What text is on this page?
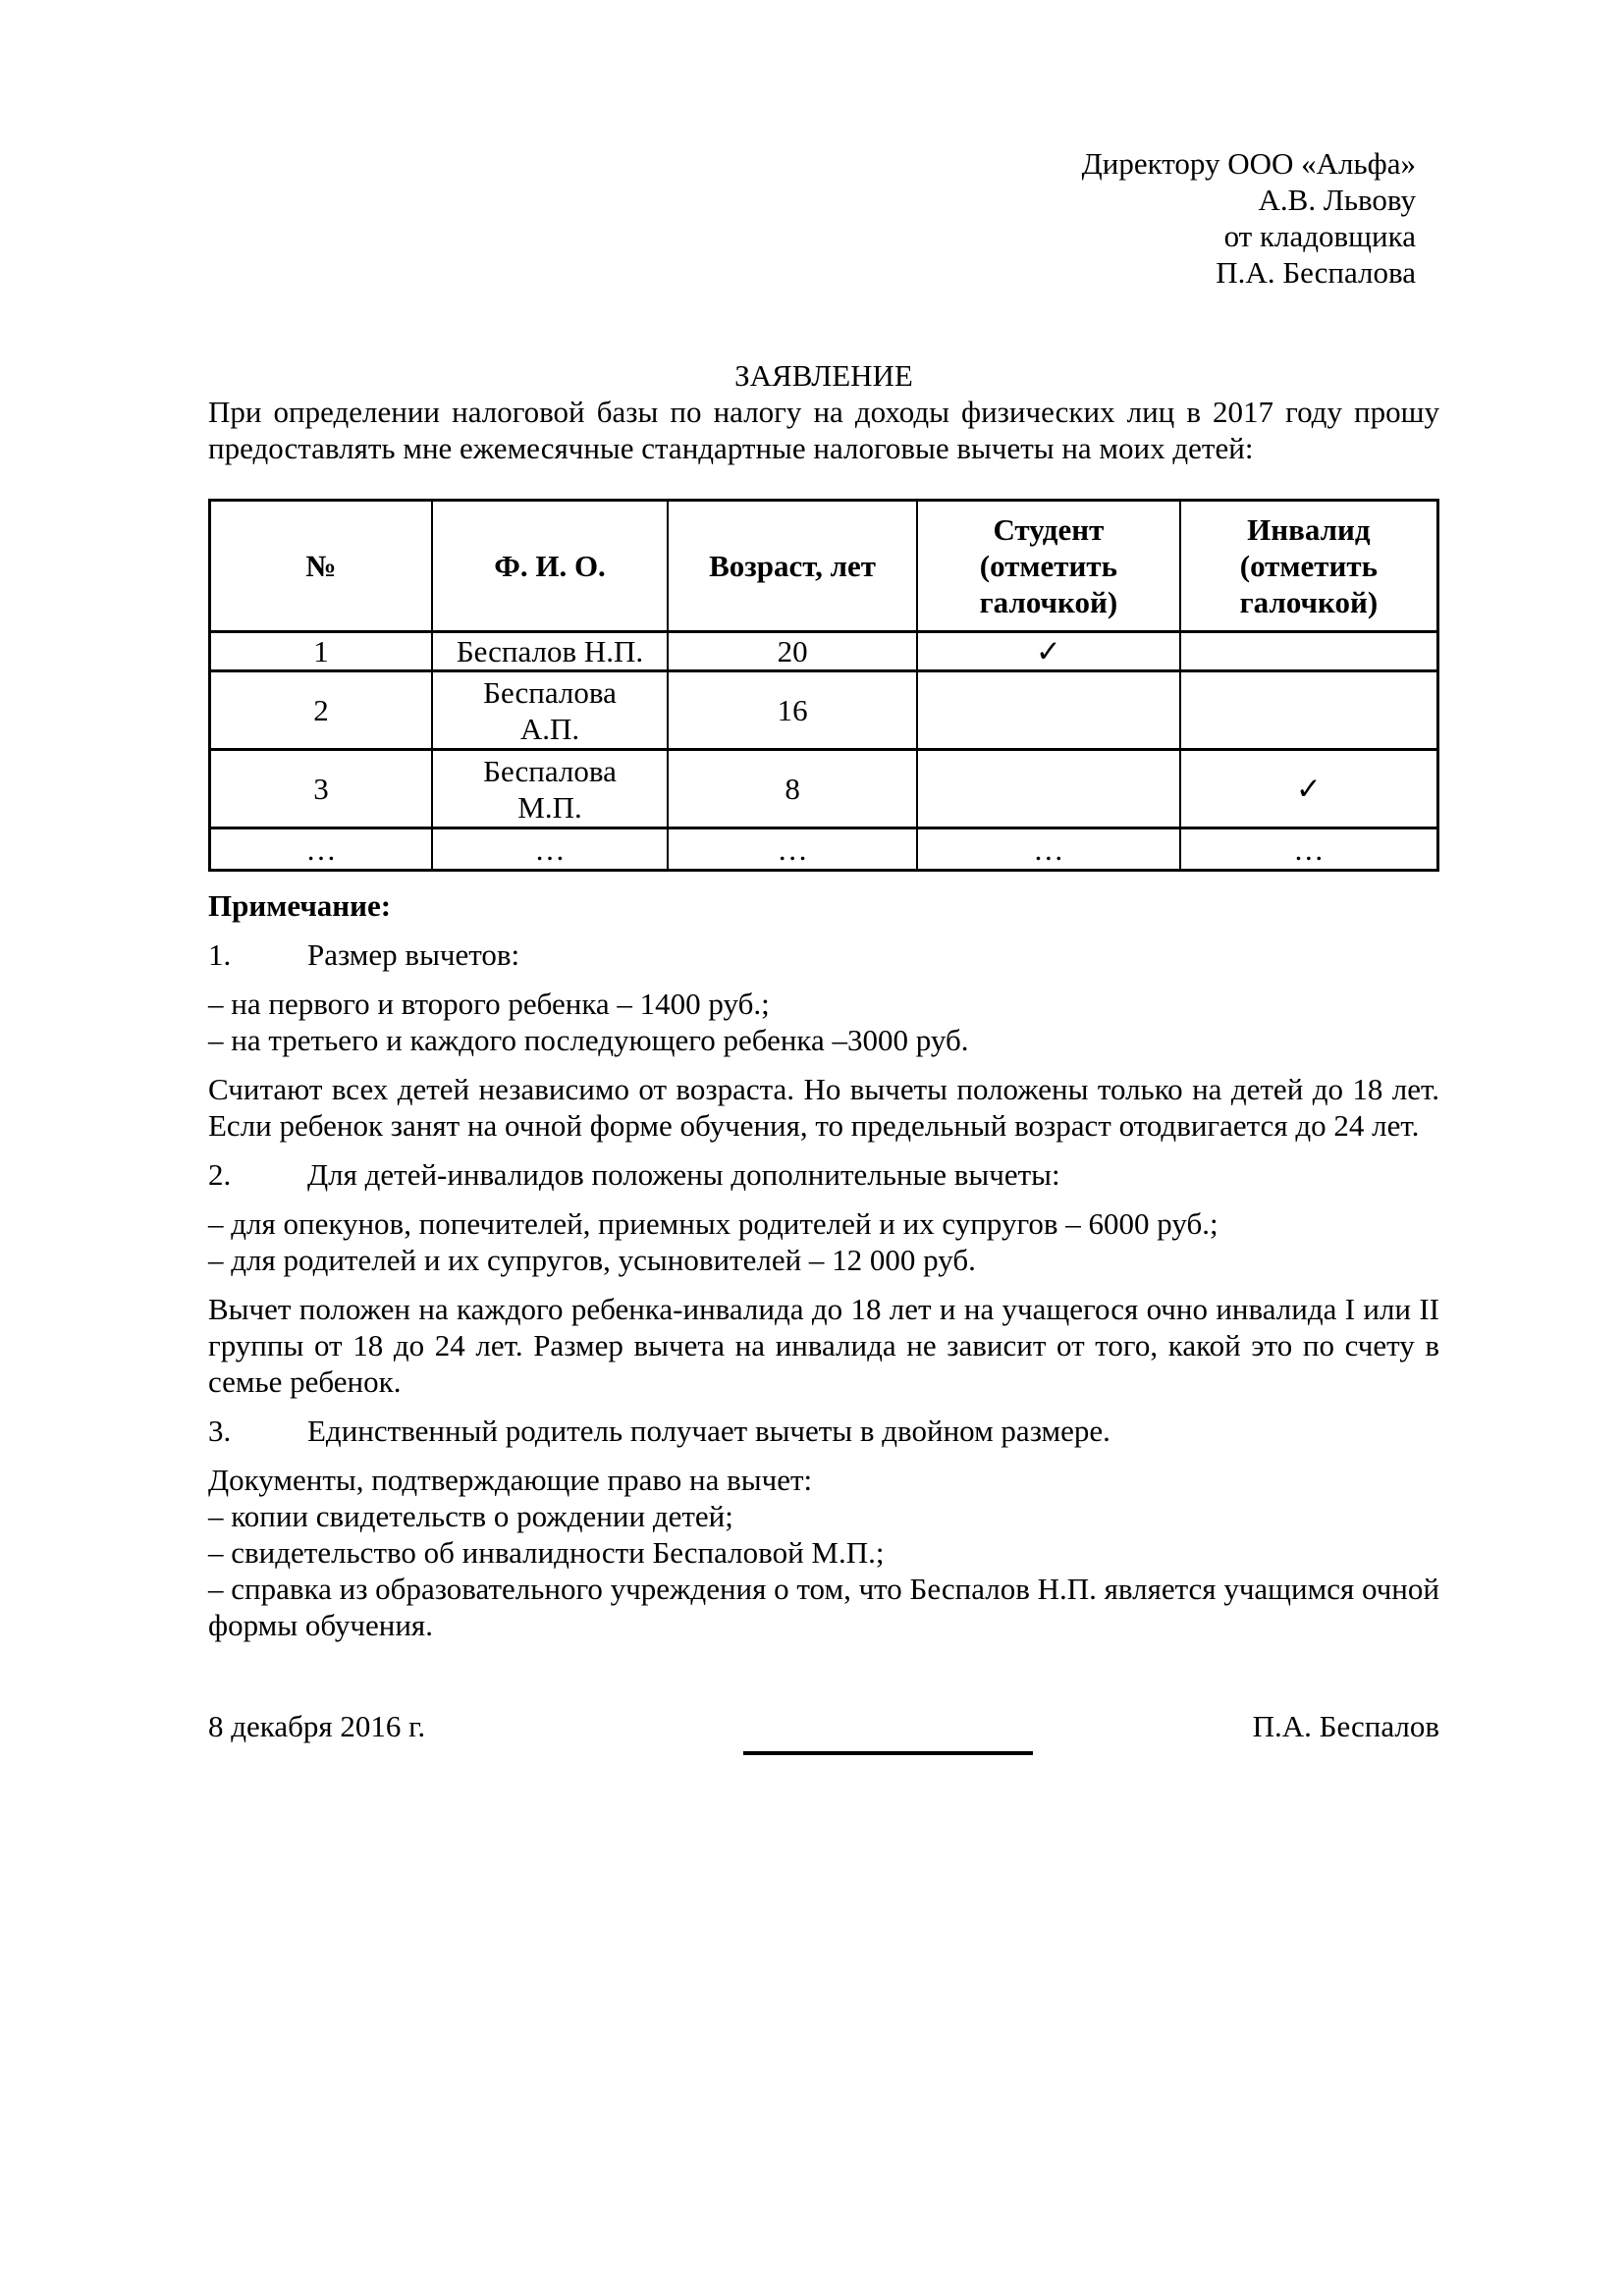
Директору ООО «Альфа»
А.В. Львову
от кладовщика
П.А. Беспалова
ЗАЯВЛЕНИЕ

При определении налоговой базы по налогу на доходы физических лиц в 2017 году прошу предоставлять мне ежемесячные стандартные налоговые вычеты на моих детей:

№	Ф. И. О.	Возраст, лет	Студент
(отметить
галочкой)	Инвалид
(отметить
галочкой)
1	Беспалов Н.П.	20	✓	
2	Беспалова
А.П.	16		
3	Беспалова
М.П.	8		✓
…	…	…	…	…

Примечание:

1.	Размер вычетов:

– на первого и второго ребенка – 1400 руб.;
– на третьего и каждого последующего ребенка –3000 руб.

Считают всех детей независимо от возраста. Но вычеты положены только на детей до 18 лет. Если ребенок занят на очной форме обучения, то предельный возраст отодвигается до 24 лет.

2.	Для детей-инвалидов положены дополнительные вычеты:

– для опекунов, попечителей, приемных родителей и их супругов – 6000 руб.;
– для родителей и их супругов, усыновителей – 12 000 руб.

Вычет положен на каждого ребенка-инвалида до 18 лет и на учащегося очно инвалида I или II группы от 18 до 24 лет. Размер вычета на инвалида не зависит от того, какой это по счету в семье ребенок.

3.	Единственный родитель получает вычеты в двойном размере.

Документы, подтверждающие право на вычет:
– копии свидетельств о рождении детей;
– свидетельство об инвалидности Беспаловой М.П.;
– справка из образовательного учреждения о том, что Беспалов Н.П. является учащимся очной формы обучения.

8 декабря 2016 г.	П.А. Беспалов
